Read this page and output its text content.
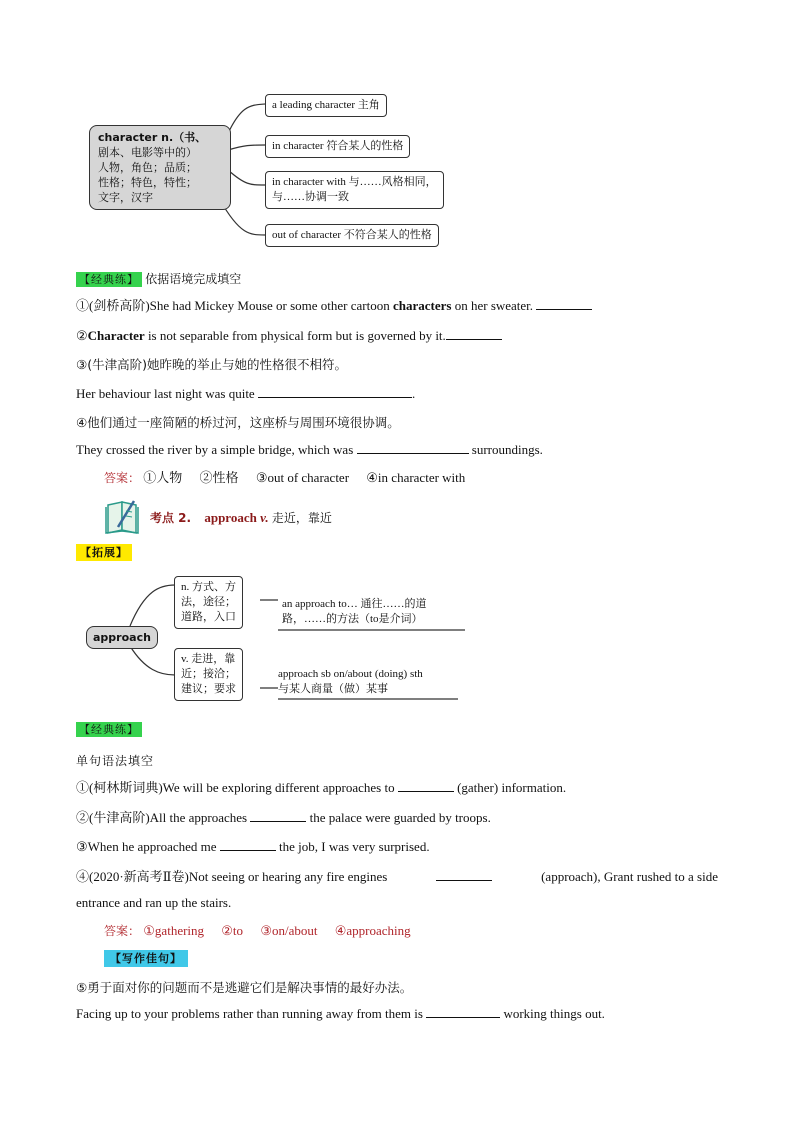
character n.（书、
剧本、电影等中的）
人物，角色；品质；
性格；特色，特性；
文字，汉字
a leading character 主角
in character 符合某人的性格
in character with 与……风格相同，
与……协调一致
out of character 不符合某人的性格
【经典练】 依据语境完成填空
①(剑桥高阶)She had Mickey Mouse or some other cartoon characters on her sweater.
②Character is not separable from physical form but is governed by it.
③(牛津高阶)她昨晚的举止与她的性格很不相符。
Her behaviour last night was quite	.
④他们通过一座简陋的桥过河，这座桥与周围环境很协调。
They crossed the river by a simple bridge, which was	surroundings.
答案： ①人物 ②性格 ③out of character ④in character with
考点 2. approach v. 走近，靠近
【拓展】
approach
n. 方式、方
法，途径；
道路，入口
an approach to… 通往……的道
路，……的方法（to是介词）
v. 走进，靠
近；接洽；
建议；要求
approach sb on/about (doing) sth
与某人商量（做）某事
【经典练】
单句语法填空
①(柯林斯词典)We will be exploring different approaches to	(gather) information.
②(牛津高阶)All the approaches	the palace were guarded by troops.
③When he approached me	the job, I was very surprised.
④(2020·新高考Ⅱ卷)Not seeing or hearing any fire engines	(approach), Grant rushed to a side
entrance and ran up the stairs.
答案： ①gathering ②to ③on/about ④approaching
【写作佳句】
⑤勇于面对你的问题而不是逃避它们是解决事情的最好办法。
Facing up to your problems rather than running away from them is	working things out.
